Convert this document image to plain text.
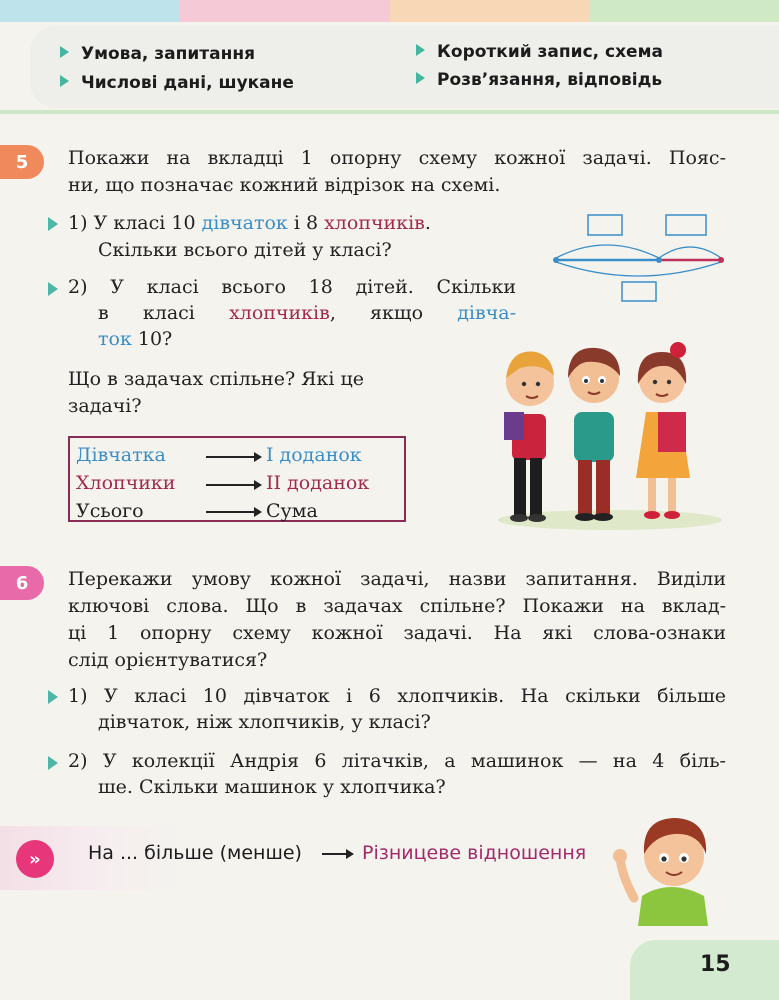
Умова, запитання
Числові дані, шукане
Короткий запис, схема
Розв’язання, відповідь
5	Покажи на вкладці 1 опорну схему кожної задачі. Пояс-
ни, що позначає кожний відрізок на схемі.
1) У класі 10 дівчаток і 8 хлопчиків.
Скільки всього дітей у класі?
2) У класі всього 18 дітей. Скільки
в класі хлопчиків, якщо дівча-
ток 10?
Що в задачах спільне? Які це
задачі?
Дівчатка	I доданок
Хлопчики	II доданок
Усього	Сума
6	Перекажи умову кожної задачі, назви запитання. Виділи
ключові слова. Що в задачах спільне? Покажи на вклад-
ці 1 опорну схему кожної задачі. На які слова-ознаки
слід орієнтуватися?
1) У класі 10 дівчаток і 6 хлопчиків. На скільки більше
дівчаток, ніж хлопчиків, у класі?
2) У колекції Андрія 6 літачків, а машинок — на 4 біль-
ше. Скільки машинок у хлопчика?
»	На ... більше (менше)	Різницеве відношення
15
